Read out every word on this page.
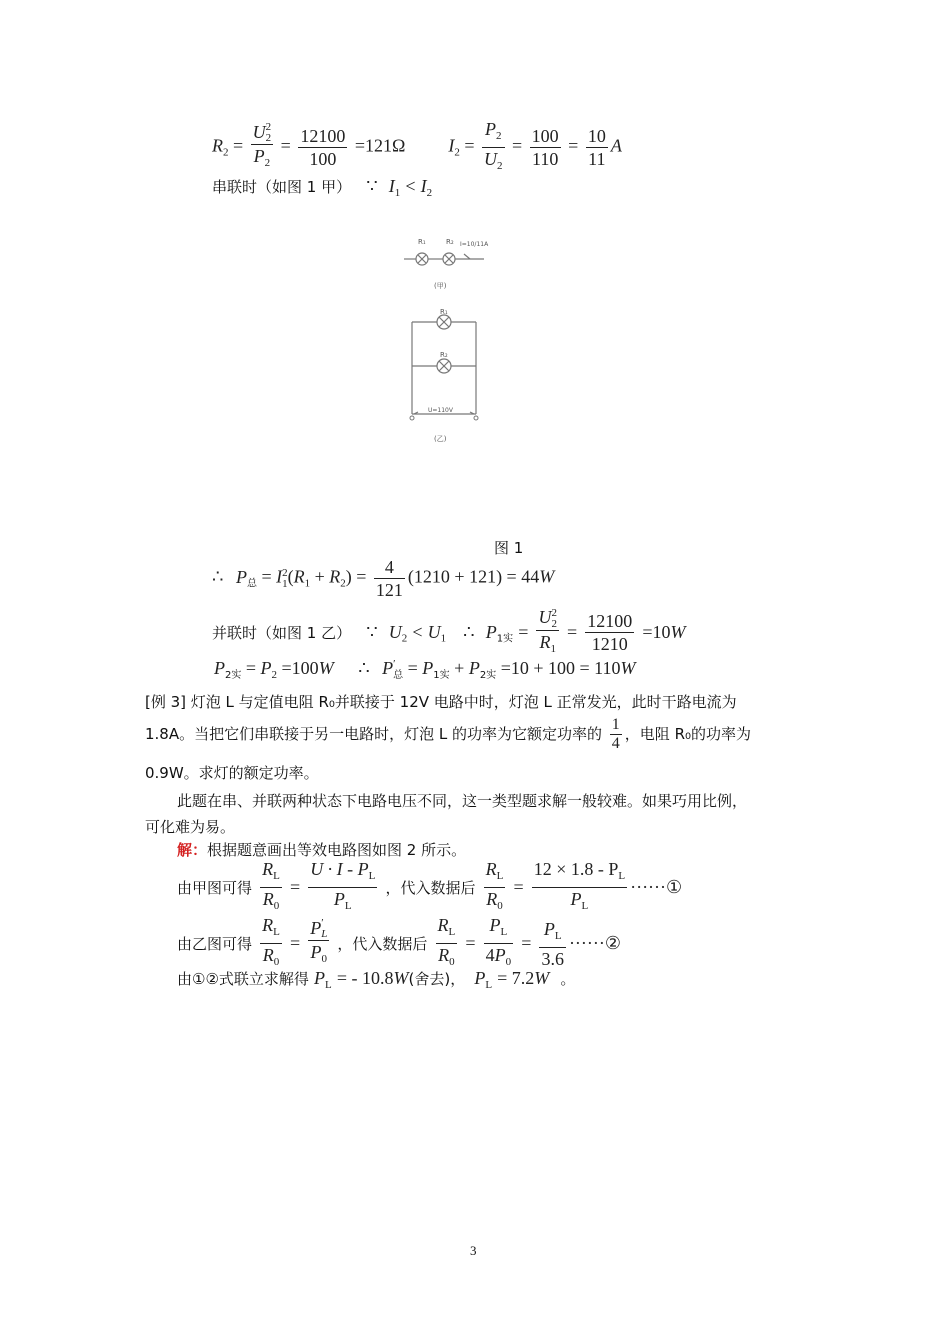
$R_2 = U$ 2
2
$P_2 = \frac{12100}{100} =121\Omega$ $I_2 = \frac{P_2}{U_2} = \frac{100}{110} = \frac{10}{11}$ A
串联时（如图 1 甲） ∵ $I_1 < I_2$
R₁	R₂ I=10/11A
(甲)
R₁
R₂
U=110V
(乙)
图 1
∴ $P_总 = I$ 2
1 $(R_1 + R_2) = \frac{4}{121} (1210 + 121) = 44W$
并联时（如图 1 乙） ∵ $U_2 < U_1$ ∴ $P_{1实} = U$ 2
2
$R_1 = \frac{12100}{1210} =10W$
$P_{2实} = P_2 =100W$ ∴ P ′
总 = $P_{1实} + P_{2实} =10 + 100 = 110W$
[例 3] 灯泡 L 与定值电阻 R₀并联接于 12V 电路中时，灯泡 L 正常发光，此时干路电流为
1.8A。当把它们串联接于另一电路时，灯泡 L 的功率为它额定功率的 $\frac{1}{4}$ ，电阻 R₀的功率为
0.9W。求灯的额定功率。
此题在串、并联两种状态下电路电压不同，这一类型题求解一般较难。如果巧用比例，
可化难为易。
解：根据题意画出等效电路图如图 2 所示。
由甲图可得 $\frac{R_L}{R_0} = \frac{U \cdot I - P_L}{P_L}$ ，代入数据后 $\frac{R_L}{R_0} = \frac{12 \times 1.8 - P_L}{P_L}$ ······①
由乙图可得 $\frac{R_L}{R_0} = P$ ′
L
$P_0$ ，代入数据后 $\frac{R_L}{R_0} = \frac{P_L}{4P_0} = \frac{P_L}{3.6}$ ······②
由①②式联立求解得 $P_L$ = - 10.8W(舍去)， $P_L = 7.2W$ 。
3
